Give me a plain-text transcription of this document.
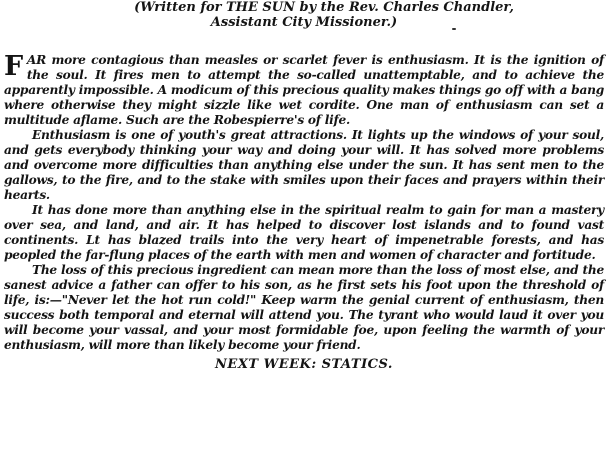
(Written for THE SUN by the Rev. Charles Chandler,
Assistant City Missioner.)

FAR more contagious than measles or scarlet fever is enthusiasm. It is the ignition of the soul. It fires men to attempt the so-called unattemptable, and to achieve the apparently impossible. A modicum of this precious quality makes things go off with a bang where otherwise they might sizzle like wet cordite. One man of enthusiasm can set a multitude aflame. Such are the Robespierre's of life.

Enthusiasm is one of youth's great attractions. It lights up the windows of your soul, and gets everybody thinking your way and doing your will. It has solved more problems and overcome more difficulties than anything else under the sun. It has sent men to the gallows, to the fire, and to the stake with smiles upon their faces and prayers within their hearts.

It has done more than anything else in the spiritual realm to gain for man a mastery over sea, and land, and air. It has helped to discover lost islands and to found vast continents. Lt has blazed trails into the very heart of impenetrable forests, and has peopled the far-flung places of the earth with men and women of character and fortitude.

The loss of this precious ingredient can mean more than the loss of most else, and the sanest advice a father can offer to his son, as he first sets his foot upon the threshold of life, is:—"Never let the hot run cold!" Keep warm the genial current of enthusiasm, then success both temporal and eternal will attend you. The tyrant who would laud it over you will become your vassal, and your most formidable foe, upon feeling the warmth of your enthusiasm, will more than likely become your friend.

NEXT WEEK: STATICS.
